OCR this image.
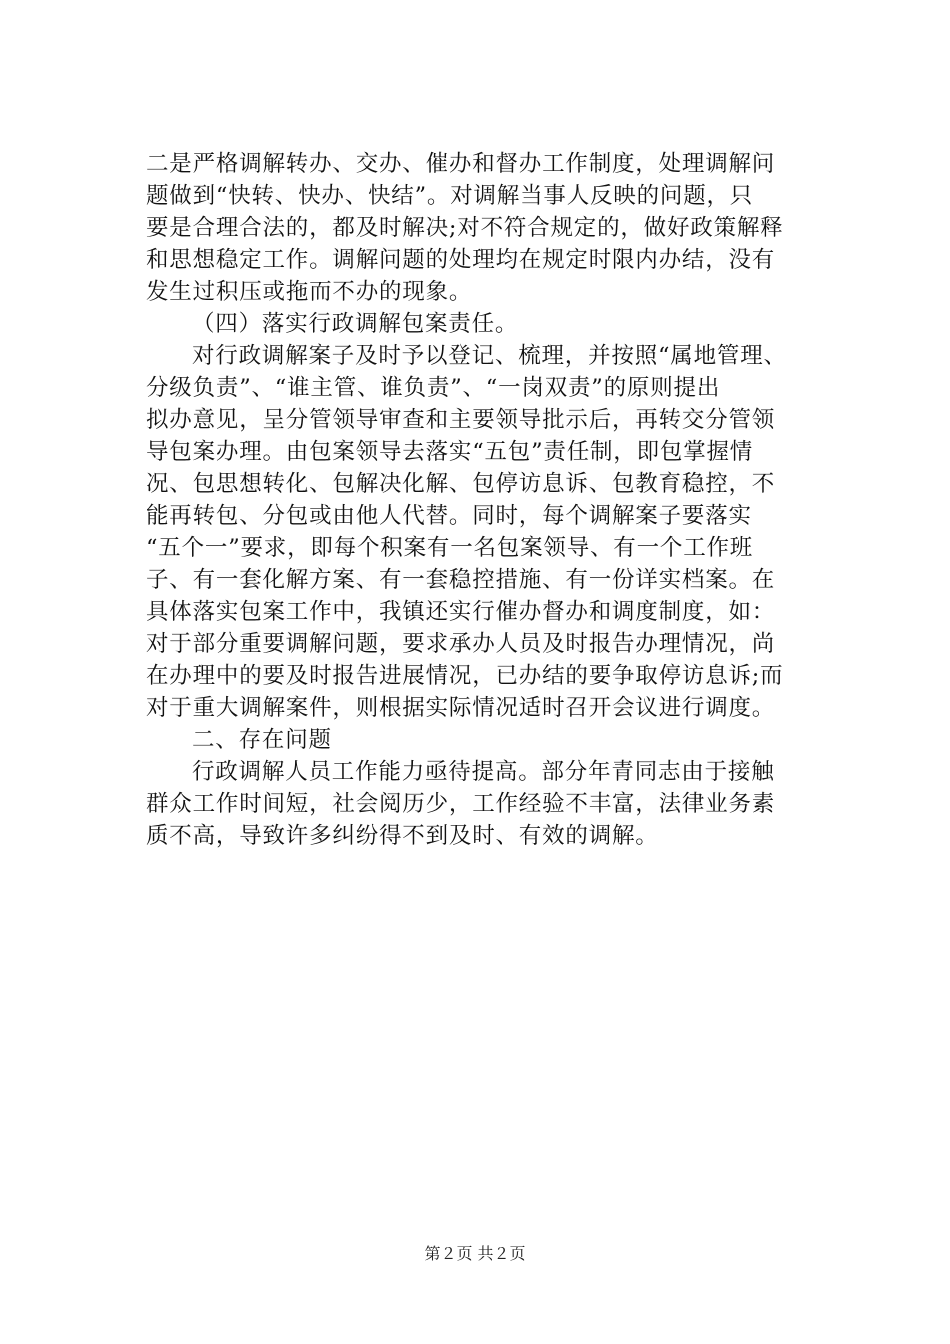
二是严格调解转办、交办、催办和督办工作制度，处理调解问
题做到“快转、快办、快结”。对调解当事人反映的问题，只
要是合理合法的，都及时解决;对不符合规定的，做好政策解释
和思想稳定工作。调解问题的处理均在规定时限内办结，没有
发生过积压或拖而不办的现象。
（四）落实行政调解包案责任。
对行政调解案子及时予以登记、梳理，并按照“属地管理、
分级负责”、“谁主管、谁负责”、“一岗双责”的原则提出
拟办意见，呈分管领导审查和主要领导批示后，再转交分管领
导包案办理。由包案领导去落实“五包”责任制，即包掌握情
况、包思想转化、包解决化解、包停访息诉、包教育稳控，不
能再转包、分包或由他人代替。同时，每个调解案子要落实
“五个一”要求，即每个积案有一名包案领导、有一个工作班
子、有一套化解方案、有一套稳控措施、有一份详实档案。在
具体落实包案工作中，我镇还实行催办督办和调度制度，如：
对于部分重要调解问题，要求承办人员及时报告办理情况，尚
在办理中的要及时报告进展情况，已办结的要争取停访息诉;而
对于重大调解案件，则根据实际情况适时召开会议进行调度。
二、存在问题
行政调解人员工作能力亟待提高。部分年青同志由于接触
群众工作时间短，社会阅历少，工作经验不丰富，法律业务素
质不高，导致许多纠纷得不到及时、有效的调解。
第２页 共２页
